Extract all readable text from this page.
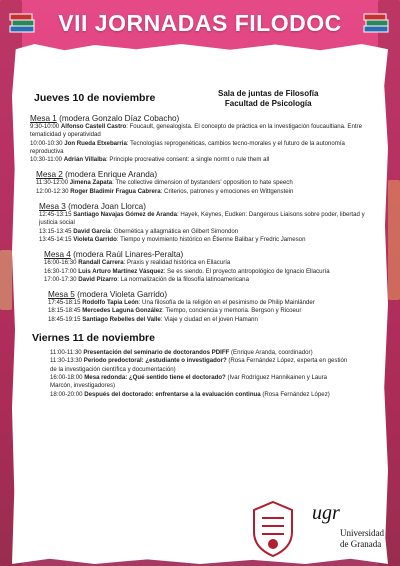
VII JORNADAS FILODOC
Sala de juntas de Filosofía
Facultad de Psicología
Jueves 10 de noviembre
Mesa 1 (modera Gonzalo Díaz Cobacho)
9:30-10:00 Alfonso Castell Castro: Foucault, genealogista. El concepto de práctica en la investigación foucaultiana. Entre tematicidad y operatividad
10:00-10:30 Jon Rueda Etxebarria: Tecnologías reprogenéticas, cambios tecno-morales y el futuro de la autonomía reproductiva
10:30-11:00 Adrián Villalba: Principle procreative consent: a single normt o rule them all
Mesa 2 (modera Enrique Aranda)
11:30-12:00 Jimena Zapata: The collective dimension of bystanders' opposition to hate speech
12:00-12:30 Roger Bladimir Fragua Cabrera: Criterios, patrones y emociones en Wittgenstein
Mesa 3 (modera Joan Llorca)
12:45-13:15 Santiago Navajas Gómez de Aranda: Hayek, Keynes, Eudken: Dangerous Liaisons sobre poder, libertad y justicia social
13:15-13:45 David García: Gbernética y allagmática en Gilbert Simondon
13:45-14:15 Violeta Garrido: Tiempo y movimiento histórico en Étienne Balibar y Fredric Jameson
Mesa 4 (modera Raúl Linares-Peralta)
16:00-16:30 Randall Carrera: Praxis y realidad histórica en Ellacuría
16:30-17:00 Luis Arturo Martínez Vásquez: Se es siendo. El proyecto antropológico de Ignacio Ellacuría
17:00-17:30 David Pizarro: La normalización de la filosofía latinoamericana
Mesa 5 (modera Violeta Garrido)
17:45-18:15 Rodolfo Tapia León: Una filosofía de la religión en el pesimismo de Philip Mainländer
18:15-18:45 Mercedes Laguna González: Tiempo, conciencia y memoria. Bergson y Ricoeur
18:45-19:15 Santiago Rebelles del Valle: Viaje y ciudad en el joven Hamann
Viernes 11 de noviembre
11:00-11:30 Presentación del seminario de doctorandos PDIFF (Enrique Aranda, coordinador)
11:30-13:30 Periodo predoctoral: ¿estudiante o investigador? (Rosa Fernández López, experta en gestión de la investigación científica y documentación)
16:00-18:00 Mesa redonda: ¿Qué sentido tiene el doctorado? (Ivar Rodríguez Hannikainen y Laura Marcón, investigadores)
18:00-20:00 Después del doctorado: enfrentarse a la evaluación continua (Rosa Fernández López)
ugr
Universidad
de Granada
